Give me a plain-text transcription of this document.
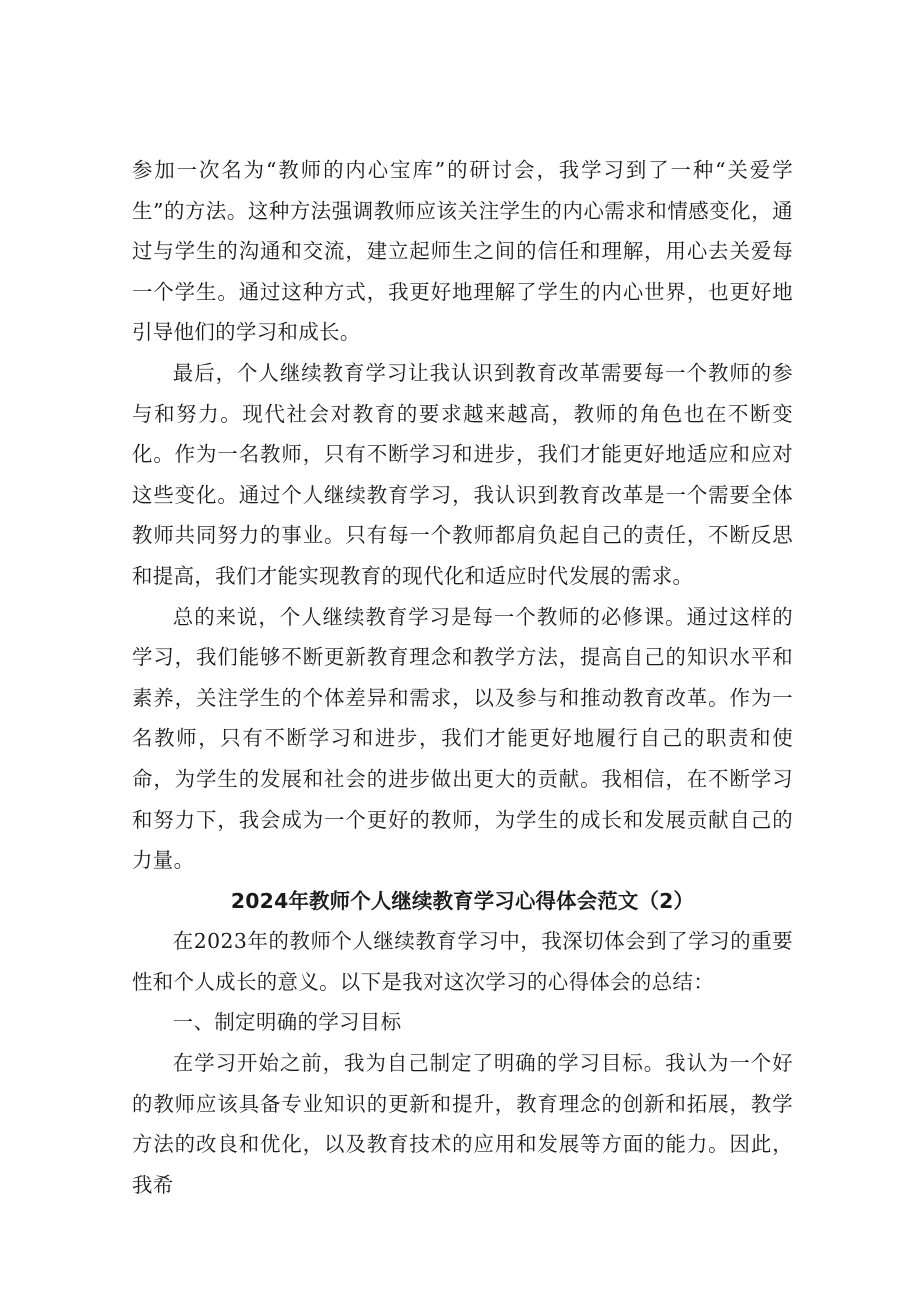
参加一次名为“教师的内心宝库”的研讨会，我学习到了一种“关爱学生”的方法。这种方法强调教师应该关注学生的内心需求和情感变化，通过与学生的沟通和交流，建立起师生之间的信任和理解，用心去关爱每一个学生。通过这种方式，我更好地理解了学生的内心世界，也更好地引导他们的学习和成长。

最后，个人继续教育学习让我认识到教育改革需要每一个教师的参与和努力。现代社会对教育的要求越来越高，教师的角色也在不断变化。作为一名教师，只有不断学习和进步，我们才能更好地适应和应对这些变化。通过个人继续教育学习，我认识到教育改革是一个需要全体教师共同努力的事业。只有每一个教师都肩负起自己的责任，不断反思和提高，我们才能实现教育的现代化和适应时代发展的需求。

总的来说，个人继续教育学习是每一个教师的必修课。通过这样的学习，我们能够不断更新教育理念和教学方法，提高自己的知识水平和素养，关注学生的个体差异和需求，以及参与和推动教育改革。作为一名教师，只有不断学习和进步，我们才能更好地履行自己的职责和使命，为学生的发展和社会的进步做出更大的贡献。我相信，在不断学习和努力下，我会成为一个更好的教师，为学生的成长和发展贡献自己的力量。

2024年教师个人继续教育学习心得体会范文（2）

在2023年的教师个人继续教育学习中，我深切体会到了学习的重要性和个人成长的意义。以下是我对这次学习的心得体会的总结：

一、制定明确的学习目标

在学习开始之前，我为自己制定了明确的学习目标。我认为一个好的教师应该具备专业知识的更新和提升，教育理念的创新和拓展，教学方法的改良和优化，以及教育技术的应用和发展等方面的能力。因此，我希
